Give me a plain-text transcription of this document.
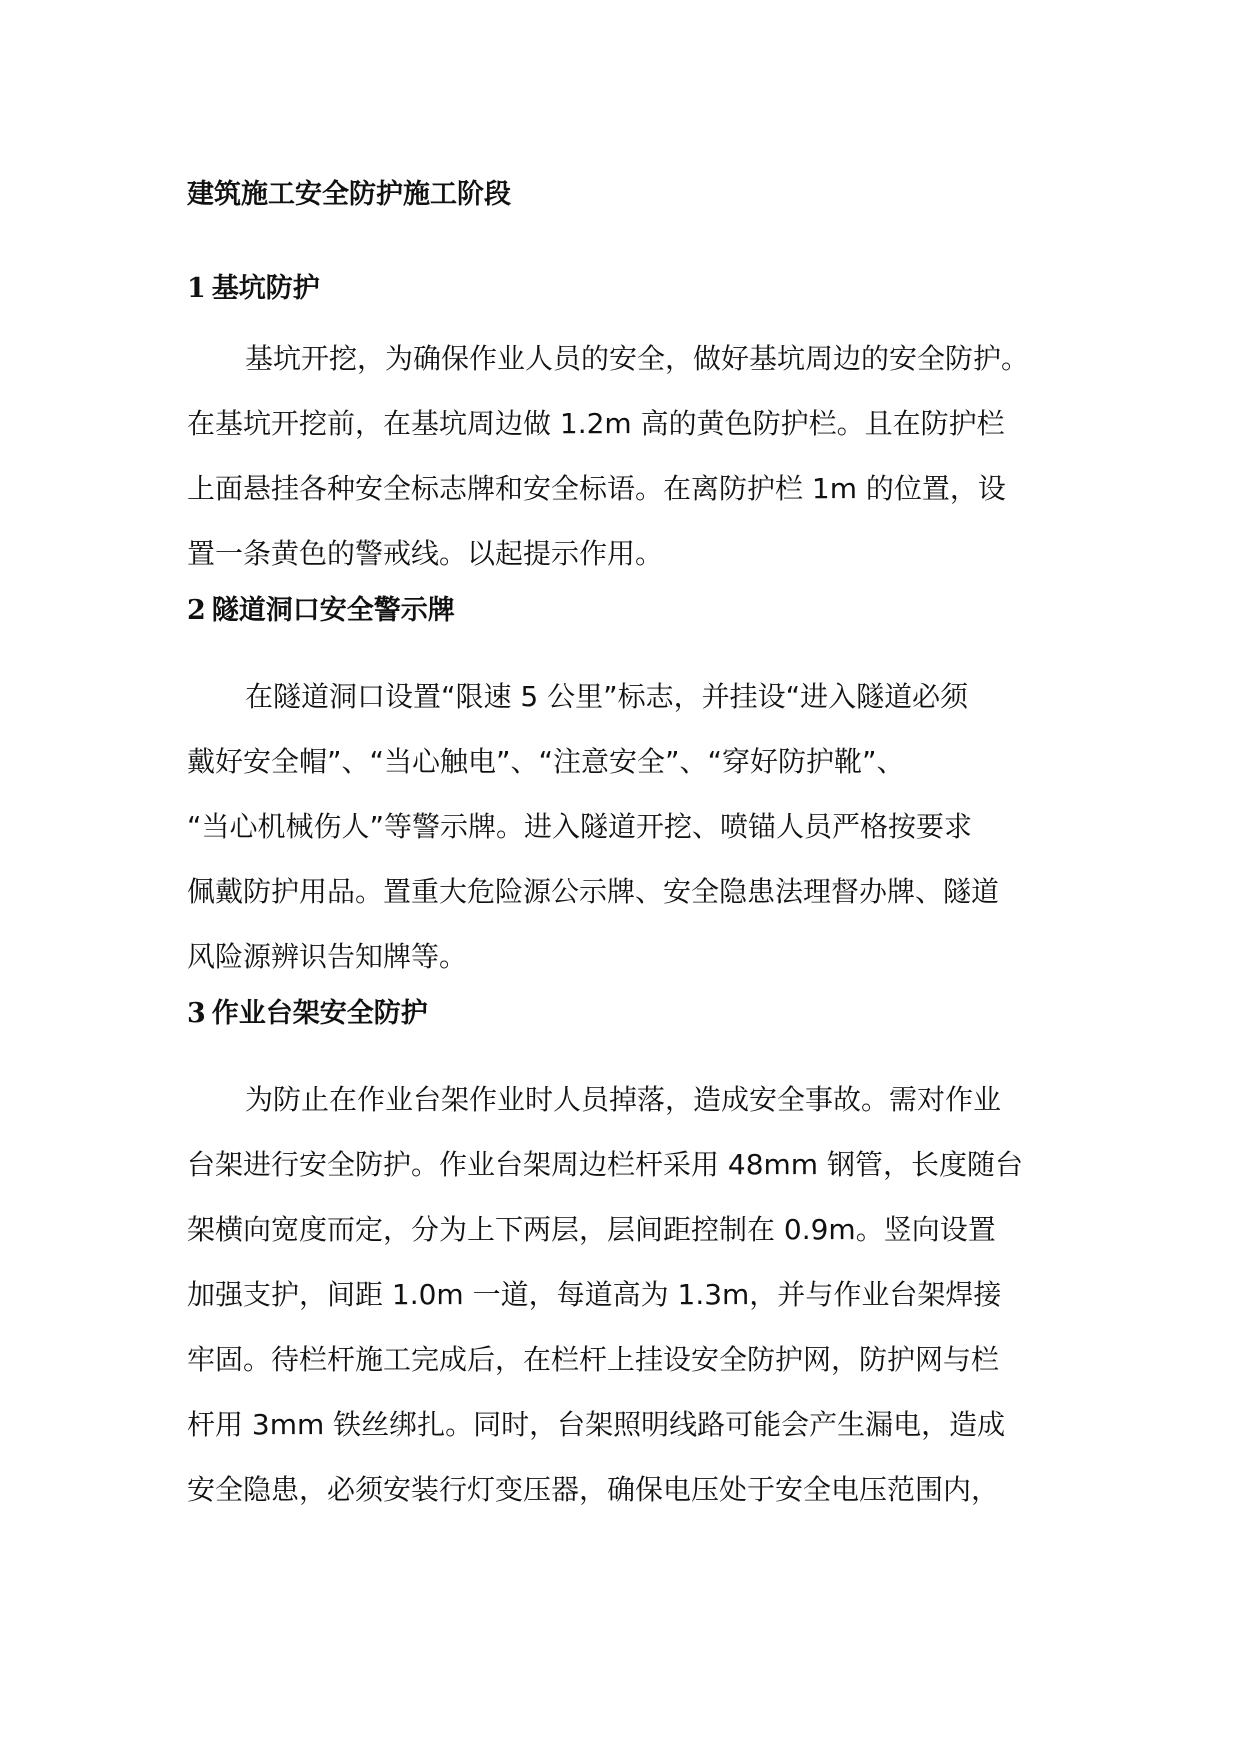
建筑施工安全防护施工阶段
1 基坑防护
基坑开挖，为确保作业人员的安全，做好基坑周边的安全防护。
在基坑开挖前，在基坑周边做 1.2m 高的黄色防护栏。且在防护栏
上面悬挂各种安全标志牌和安全标语。在离防护栏 1m 的位置，设
置一条黄色的警戒线。以起提示作用。
2 隧道洞口安全警示牌
在隧道洞口设置“限速 5 公里”标志，并挂设“进入隧道必须
戴好安全帽”、“当心触电”、“注意安全”、“穿好防护靴”、
“当心机械伤人”等警示牌。进入隧道开挖、喷锚人员严格按要求
佩戴防护用品。置重大危险源公示牌、安全隐患法理督办牌、隧道
风险源辨识告知牌等。
3 作业台架安全防护
为防止在作业台架作业时人员掉落，造成安全事故。需对作业
台架进行安全防护。作业台架周边栏杆采用 48mm 钢管，长度随台
架横向宽度而定，分为上下两层，层间距控制在 0.9m。竖向设置
加强支护，间距 1.0m 一道，每道高为 1.3m，并与作业台架焊接
牢固。待栏杆施工完成后，在栏杆上挂设安全防护网，防护网与栏
杆用 3mm 铁丝绑扎。同时，台架照明线路可能会产生漏电，造成
安全隐患，必须安装行灯变压器，确保电压处于安全电压范围内，
